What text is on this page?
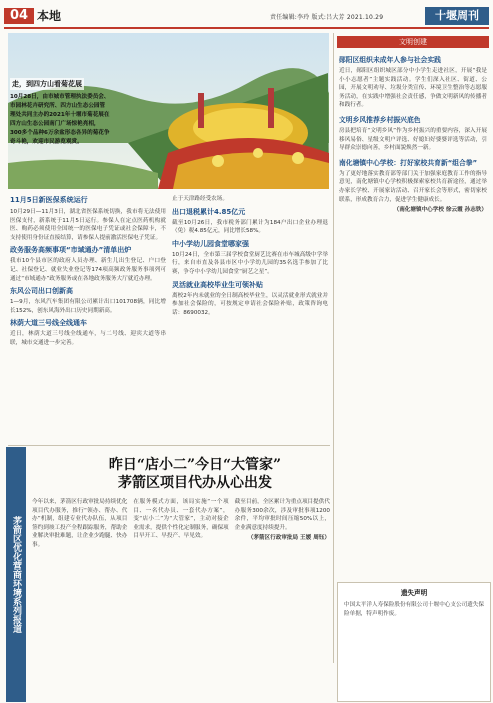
04 本地	责任编辑:李玲 版式:吕大芳 2021.10.29	十堰周刊
走，到四方山看菊花展
10月28日，由市城市管理执法委员会、市园林花卉研究所、四方山生态公园管理处共同主办的2021年十堰市菊花展在四方山生态公园南门广场惊艳亮相，300多个品种6万余盆形态各异的菊花争奇斗艳，欢迎市民游览观赏。
11月5日新医保系统运行
10月29日—11月3日，湖北省医保系统切换，我市将无法使用医保支付，新系统于11月5日运行。参保人在定点医药机构就医、购药必须使用全国统一的医保电子凭证或社会保障卡，不支持使用身份证直接结算，请参保人提前激活医保电子凭证。
政务服务高频事项“市域通办”清单出炉
我市10个县市区的政府人员办理、新生儿出生登记、户口登记、社保登记、就业失业登记等174项高频政务服务事项列可通过“市域通办”政务服务或在各地政务服务大厅就近办理。
东风公司出口创新高
1—9月，东风汽车集团有限公司累计出口101708辆，同比增长152%，创东风海外出口历史同期新高。
林荫大道三号线全线通车
近日，林荫大道三号线全线通车，与二号线、迎宾大道等串联，城市交通进一步完善。
止于天津路经受农场。
出口退税累计4.85亿元
截至10月26日，我市税务部门累计为184户出口企业办理退（免）税4.85亿元，同比增长58%。
中小学幼儿园食堂哪家强
10月24日，全市第三届学校食堂厨艺比赛在市车城高级中学举行，来自市直及各县市区中小学幼儿园的35名选手参加了比赛，争夺中小学幼儿园食堂“厨艺之星”。
灵活就业高校毕业生可领补贴
离校2年内未就业的全日制高校毕业生，以灵活就业形式就业并参加社会保险的，可按规定申请社会保险补贴，政策咨询电话：8690032。
文明创建
郧阳区组织未成年人参与社会实践
近日，郧阳区组织城区部分中小学生走进社区，开展“我是小小志愿者”主题实践活动。学生们深入社区、街道、公园，开展文明劝导、垃圾分类宣传、环境卫生整治等志愿服务活动，在实践中增强社会责任感，争做文明新风的传播者和践行者。
文明乡风推荐乡村振兴底色
房县把培育“文明乡风”作为乡村振兴的重要内容，深入开展移风易俗、星级文明户评选、好媳妇好婆婆评选等活动，引导群众崇德向善，乡村面貌焕然一新。
南化塘镇中心学校：打好家校共育新“组合拳”
为了更好地落实教育部等部门关于加强家庭教育工作的指导意见，南化塘镇中心学校积极探索家校共育新途径，通过举办家长学校、开展家访活动、召开家长会等形式，密切家校联系，形成教育合力，促进学生健康成长。
（南化塘镇中心学校 徐云霞 孙志铁）
遗失声明
中国太平洋人寿保险股份有限公司十堰中心支公司遗失保险单据，特声明作废。
茅箭区优化营商环境系列报道
昨日“店小二”今日“大管家”
茅箭区项目代办从心出发
今年以来，茅箭区行政审批局持续优化项目代办服务，推行“领办、帮办、代办”机制，组建专业代办队伍，从项目签约到竣工投产全程跟踪服务，帮助企业解决审批难题，让企业少跑腿、快办事。
在服务模式方面，该局实施“一个项目、一名代办员、一套代办方案”，变“店小二”为“大管家”，主动对接企业需求，提供个性化定制服务，确保项目早开工、早投产、早见效。
截至目前，全区累计为重点项目提供代办服务300余次，涉及审批事项1200余件，平均审批时间压缩50%以上，企业满意度持续提升。
（茅箭区行政审批局 王媛 周钰）
